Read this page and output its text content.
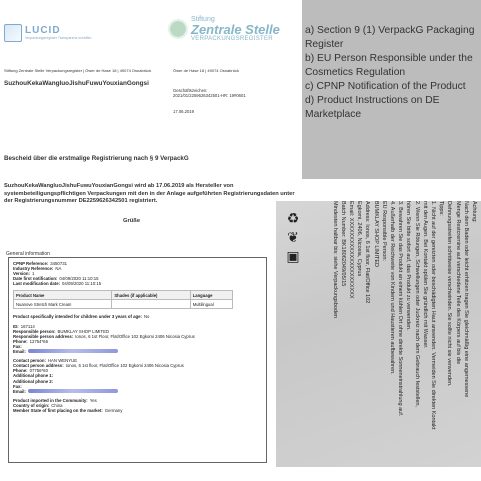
LUCID
Verpackungsregister Transparenz schaffen
Stiftung
Zentrale Stelle
VERPACKUNGSREGISTER
Stiftung Zentrale Stelle Verpackungsregister | Öwer de Hase 18 | 49074 Osnabrück	Öwer de Hase 18 | 49074 Osnabrück
SuzhouKekaWangluoJishuFuwuYouxianGongsi
Geschäftszeichen:
2021/01/2259626342501-HR: 19#0601
17.06.2019
Bescheid über die erstmalige Registrierung nach § 9 VerpackG
SuzhouKekaWangluoJishuFuwuYouxianGongsi wird ab 17.06.2019 als Hersteller von systembeteiligungspflichtigen Verpackungen mit den in der Anlage aufgeführten Registrierungsdaten unter der Registrierungsnummer DE2259626342501 registriert.
Grüße
General information
CPNP Reference: 3450731
Industry Reference: NA
Version: 1
Date first notification: 04/09/2020 11:10:15
Last modification date: 04/09/2020 11:10:15
Product Name	Shades (if applicable)	Language
Nuanove Stretch Mark Cream		Multilingual
Product specifically intended for children under 3 years of age: No
ID: 167114
Responsible person: BUMKLAY SHOP LIMITED
Responsible person address: Ionos, 6 1st Floor, Flat/Office 102 Egkomi 2406 Nicosia Cyprus
Phone: 12754*66
Fax:
Email:
Contact person: HAN WENYUE
Contact person address: Ionos, 6 1st floor, Flat/Office 102 Egkomi 2406 Nicosia Cyprus
Phone: 07756*60
Additional phone 1:
Additional phone 2:
Fax:
Email:
Product imported in the Community: Yes
Country of origin: China
Member State of first placing on the market: Germany

a) Section 9 (1) VerpackG Packaging Register

b) EU Person Responsible under the Cosmetics Regulation

c) CPNP Notification of the Product

d) Product Instructions on DE Marketplace

♻
❦
▣
Achtung:
Nach dem Baden oder leicht erhitzen tragen Sie gleichmäßig eine angemessene
Menge Restcremine auf verschiedene Teile des Körpers auf bis die
Dehnungsstreifen schrittweise verschwinden. Sie sollte nicht sie verwenden.
Tipps:
1. Nicht auf der gereizten oder beschädigten Haut anwenden. Vermeiden Sie direkten Kontakt
mit den Augen. Bei Kontakt spülen Sie gründlich mit Wasser.
2. Wenn Sie Rötungen, Schwellungen oder Juckreiz nach dem Gebrauch feststellen,
hören Sie bitte sofort auf, das Produkt zu verwenden.
3. Bewahren Sie das Produkt an einem kühlen Ort ohne direkte Sonneneinstrahlung auf.
4. Außerhalb der Reichweite von Kindern und Haustieren aufbewahren.
EU Responsible Person:
BUMKLAY SHOP LIMITED
Address: Ionos, 6 1st floor, Flat/Office 102
Egkomi, 2406, Nicosia, Cyprus
Email: XXXXXXXXXXXXXXXXXXXXXX
Batch Number: BK18062049/05/15
Mindesten haltbar bis: siehe Verpackungsboden
